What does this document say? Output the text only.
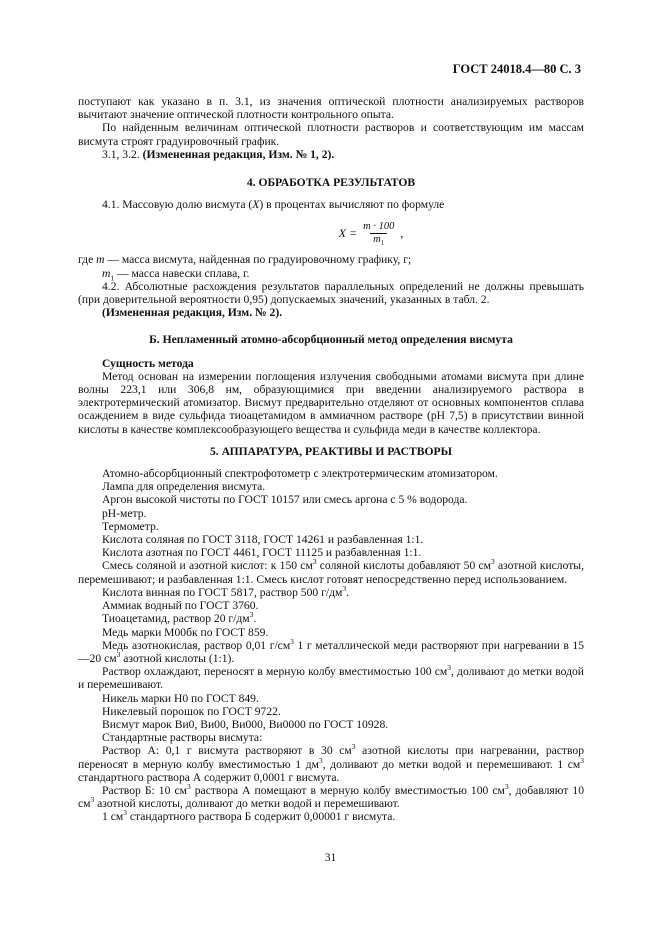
ГОСТ 24018.4—80 С. 3

поступают как указано в п. 3.1, из значения оптической плотности анализируемых растворов вычитают значение оптической плотности контрольного опыта.

По найденным величинам оптической плотности растворов и соответствующим им массам висмута строят градуировочный график.

3.1, 3.2. (Измененная редакция, Изм. № 1, 2).

4. ОБРАБОТКА РЕЗУЛЬТАТОВ

4.1. Массовую долю висмута (X) в процентах вычисляют по формуле

$X = \frac{m \cdot 100}{m_1}$ ,

где m — масса висмута, найденная по градуировочному графику, г;

$m_1$ — масса навески сплава, г.

4.2. Абсолютные расхождения результатов параллельных определений не должны превышать (при доверительной вероятности 0,95) допускаемых значений, указанных в табл. 2.

(Измененная редакция, Изм. № 2).

Б. Непламенный атомно-абсорбционный метод определения висмута

Сущность метода

Метод основан на измерении поглощения излучения свободными атомами висмута при длине волны 223,1 или 306,8 нм, образующимися при введении анализируемого раствора в электротермический атомизатор. Висмут предварительно отделяют от основных компонентов сплава осаждением в виде сульфида тиоацетамидом в аммиачном растворе (pH 7,5) в присутствии винной кислоты в качестве комплексообразующего вещества и сульфида меди в качестве коллектора.

5. АППАРАТУРА, РЕАКТИВЫ И РАСТВОРЫ

Атомно-абсорбционный спектрофотометр с электротермическим атомизатором.

Лампа для определения висмута.

Аргон высокой чистоты по ГОСТ 10157 или смесь аргона с 5 % водорода.

pH-метр.

Термометр.

Кислота соляная по ГОСТ 3118, ГОСТ 14261 и разбавленная 1:1.

Кислота азотная по ГОСТ 4461, ГОСТ 11125 и разбавленная 1:1.

Смесь соляной и азотной кислот: к 150 $см^3$ соляной кислоты добавляют 50 $см^3$ азотной кислоты, перемешивают; и разбавленная 1:1. Смесь кислот готовят непосредственно перед использованием.

Кислота винная по ГОСТ 5817, раствор 500 $г/дм^3$.

Аммиак водный по ГОСТ 3760.

Тиоацетамид, раствор 20 $г/дм^3$.

Медь марки М00бк по ГОСТ 859.

Медь азотнокислая, раствор 0,01 $г/см^3$ 1 г металлической меди растворяют при нагревании в 15—20 $см^3$ азотной кислоты (1:1).

Раствор охлаждают, переносят в мерную колбу вместимостью 100 $см^3$, доливают до метки водой и перемешивают.

Никель марки Н0 по ГОСТ 849.

Никелевый порошок по ГОСТ 9722.

Висмут марок Ви0, Ви00, Ви000, Ви0000 по ГОСТ 10928.

Стандартные растворы висмута:

Раствор А: 0,1 г висмута растворяют в 30 $см^3$ азотной кислоты при нагревании, раствор переносят в мерную колбу вместимостью 1 $дм^3$, доливают до метки водой и перемешивают. 1 $см^3$ стандартного раствора А содержит 0,0001 г висмута.

Раствор Б: 10 $см^3$ раствора А помещают в мерную колбу вместимостью 100 $см^3$, добавляют 10 $см^3$ азотной кислоты, доливают до метки водой и перемешивают.

1 $см^3$ стандартного раствора Б содержит 0,00001 г висмута.

31
